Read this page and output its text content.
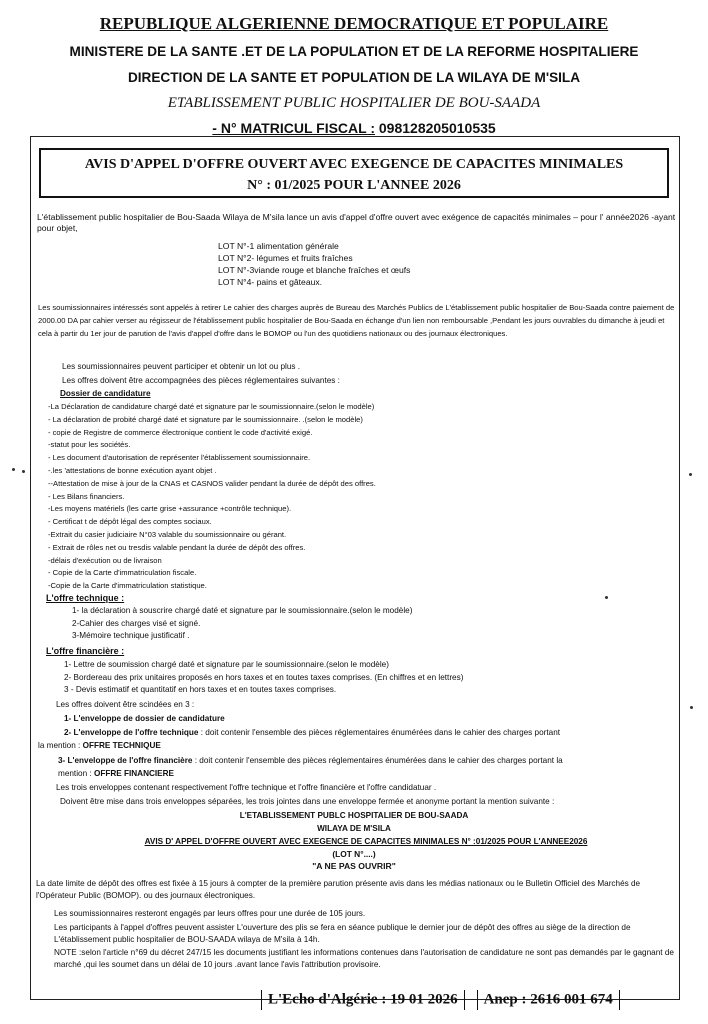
REPUBLIQUE ALGERIENNE DEMOCRATIQUE ET POPULAIRE
MINISTERE DE LA SANTE .ET DE LA POPULATION ET DE LA REFORME HOSPITALIERE
DIRECTION DE LA SANTE ET POPULATION DE LA WILAYA DE M'SILA
ETABLISSEMENT PUBLIC HOSPITALIER DE BOU-SAADA
- N° MATRICUL FISCAL : 098128205010535
AVIS D'APPEL D'OFFRE OUVERT AVEC EXEGENCE DE CAPACITES MINIMALES
N° : 01/2025 POUR L'ANNEE 2026
L'établissement public hospitalier de Bou-Saada Wilaya de M'sila lance un avis d'appel d'offre ouvert avec exégence de capacités minimales – pour l' année2026 -ayant pour objet,
LOT N°-1 alimentation générale
LOT N°2- légumes et fruits fraîches
LOT N°-3viande rouge et blanche fraîches et œufs
LOT N°4- pains et gâteaux.
Les soumissionnaires intéressés sont appelés à retirer Le cahier des charges auprès de Bureau des Marchés Publics de L'établissement public hospitalier de Bou-Saada contre paiement de 2000.00 DA par cahier verser au régisseur de l'établissement public hospitalier de Bou-Saada en échange d'un lien non remboursable ,Pendant les jours ouvrables du dimanche à jeudi et cela à partir du 1er jour de parution de l'avis d'appel d'offre dans le BOMOP ou l'un des quotidiens nationaux ou des journaux électroniques.
Les soumissionnaires peuvent participer et obtenir un lot ou plus .
Les offres doivent être accompagnées des pièces réglementaires suivantes :
Dossier de candidature
-La Déclaration de candidature chargé daté et signature par le soumissionnaire.(selon le modèle)
- La déclaration de probité chargé daté et signature par le soumissionnaire. .(selon le modèle)
- copie de Registre de commerce électronique contient le code d'activité exigé.
-statut pour les sociétés.
- Les document d'autorisation de représenter l'établissement soumissionnaire.
-.les 'attestations de bonne exécution ayant objet .
--Attestation de mise à jour de la CNAS et CASNOS valider pendant la durée de dépôt des offres.
- Les Bilans financiers.
-Les moyens matériels (les carte grise +assurance +contrôle technique).
- Certificat t de dépôt légal des comptes sociaux.
-Extrait du casier judiciaire N°03 valable du soumissionnaire ou gérant.
- Extrait de rôles net ou tresdis valable pendant la durée de dépôt des offres.
-délais d'exécution ou de livraison
- Copie de la Carte d'immatriculation fiscale.
-Copie de la Carte d'immatriculation statistique.
L'offre technique :
1- la déclaration à souscrire chargé daté et signature par le soumissionnaire.(selon le modèle)
2-Cahier des charges visé et signé.
3-Mémoire technique justificatif .
L'offre financière :
1- Lettre de soumission chargé daté et signature par le soumissionnaire.(selon le modèle)
2- Bordereau des prix unitaires proposés en hors taxes et en toutes taxes comprises. (En chiffres et en lettres)
3 - Devis estimatif et quantitatif en hors taxes et en toutes taxes comprises.
Les offres doivent être scindées en 3 :
1- L'enveloppe de dossier de candidature
2- L'enveloppe de l'offre technique : doit contenir l'ensemble des pièces réglementaires énumérées dans le cahier des charges portant
la mention : OFFRE TECHNIQUE
3- L'enveloppe de l'offre financière : doit contenir l'ensemble des pièces réglementaires énumérées dans le cahier des charges portant la
mention : OFFRE FINANCIERE
Les trois enveloppes contenant respectivement l'offre technique et l'offre financière et l'offre candidatuar .
Doivent être mise dans trois enveloppes séparées, les trois jointes dans une enveloppe fermée et anonyme portant la mention suivante :
L'ETABLISSEMENT PUBLC HOSPITALIER DE BOU-SAADA
WILAYA DE M'SILA
AVIS D' APPEL D'OFFRE OUVERT AVEC EXEGENCE DE CAPACITES MINIMALES N° :01/2025 POUR L'ANNEE2026
(LOT N°....)
"A NE PAS OUVRIR"
La date limite de dépôt des offres est fixée à 15 jours à compter de la première parution présente avis dans les médias nationaux ou le Bulletin Officiel des Marchés de l'Opérateur Public (BOMOP). ou des journaux électroniques.
Les soumissionnaires resteront engagés par leurs offres pour une durée de 105 jours.
Les participants à l'appel d'offres peuvent assister L'ouverture des plis se fera en séance publique le dernier jour de dépôt des offres au siège de la direction de L'établissement public hospitalier de BOU-SAADA wilaya de M'sila à 14h.
NOTE :selon l'article n°69 du décret 247/15 les documents justifiant les informations contenues dans l'autorisation de candidature ne sont pas demandés par le gagnant de marché ,qui les soumet dans un délai de 10 jours .avant lance l'avis l'attribution provisoire.
L'Echo d'Algérie : 19 01 2026 Anep : 2616 001 674
